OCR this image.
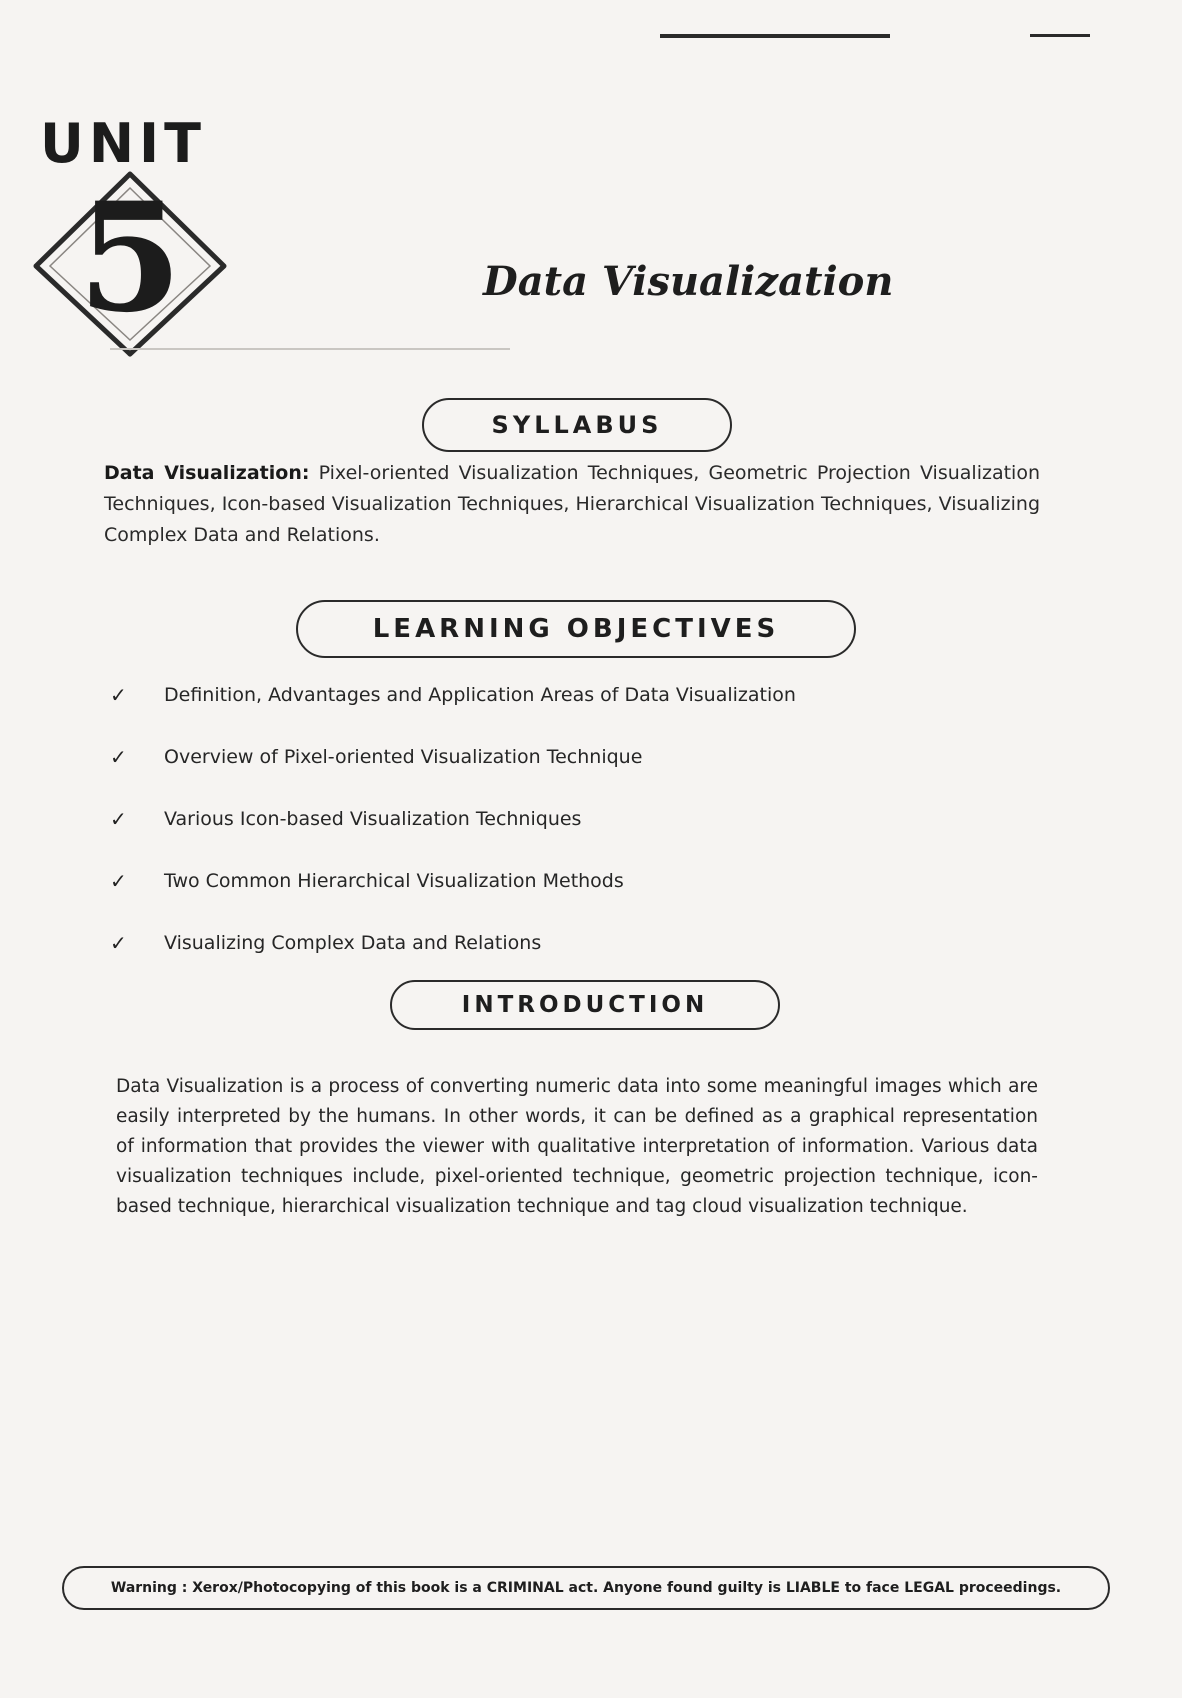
UNIT
5	Data Visualization
SYLLABUS
Data Visualization: Pixel-oriented Visualization Techniques, Geometric Projection Visualization Techniques, Icon-based Visualization Techniques, Hierarchical Visualization Techniques, Visualizing Complex Data and Relations.
LEARNING OBJECTIVES
✓	Definition, Advantages and Application Areas of Data Visualization
✓	Overview of Pixel-oriented Visualization Technique
✓	Various Icon-based Visualization Techniques
✓	Two Common Hierarchical Visualization Methods
✓	Visualizing Complex Data and Relations
INTRODUCTION
Data Visualization is a process of converting numeric data into some meaningful images which are easily interpreted by the humans. In other words, it can be defined as a graphical representation of information that provides the viewer with qualitative interpretation of information. Various data visualization techniques include, pixel-oriented technique, geometric projection technique, icon-based technique, hierarchical visualization technique and tag cloud visualization technique.
Warning : Xerox/Photocopying of this book is a CRIMINAL act. Anyone found guilty is LIABLE to face LEGAL proceedings.
